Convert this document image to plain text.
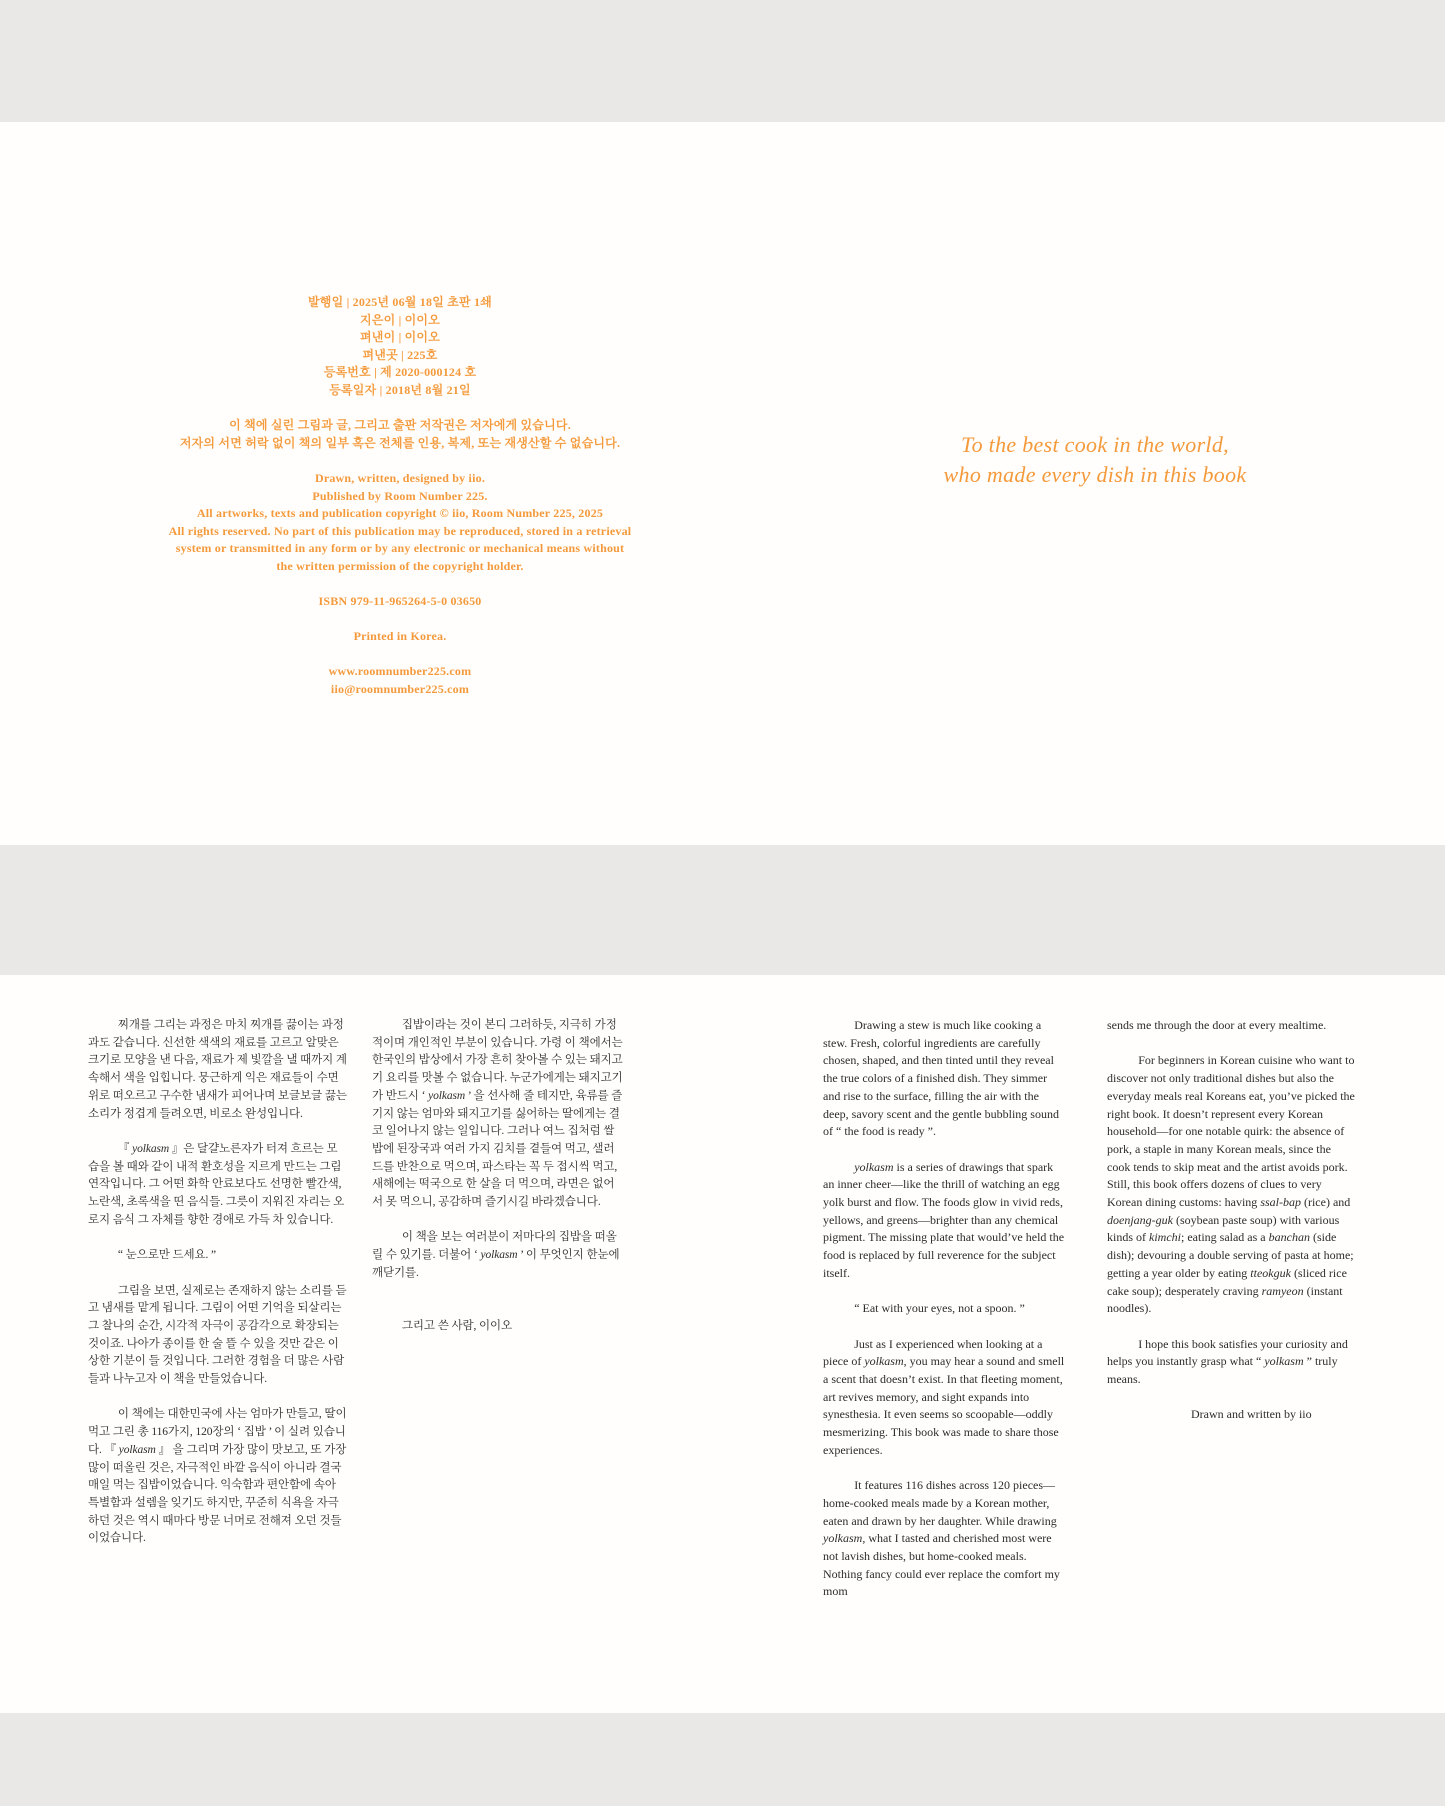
발행일 | 2025년 06월 18일 초판 1쇄
지은이 | 이이오
펴낸이 | 이이오
펴낸곳 | 225호
등록번호 | 제 2020-000124 호
등록일자 | 2018년 8월 21일
이 책에 실린 그림과 글, 그리고 출판 저작권은 저자에게 있습니다.
저자의 서면 허락 없이 책의 일부 혹은 전체를 인용, 복제, 또는 재생산할 수 없습니다.
Drawn, written, designed by iio.
Published by Room Number 225.
All artworks, texts and publication copyright © iio, Room Number 225, 2025
All rights reserved. No part of this publication may be reproduced, stored in a retrieval
system or transmitted in any form or by any electronic or mechanical means without
the written permission of the copyright holder.
ISBN 979-11-965264-5-0 03650
Printed in Korea.
www.roomnumber225.com
iio@roomnumber225.com
To the best cook in the world,
who made every dish in this book

찌개를 그리는 과정은 마치 찌개를 끓이는 과정과도 같습니다. 신선한 색색의 재료를 고르고 알맞은 크기로 모양을 낸 다음, 재료가 제 빛깔을 낼 때까지 계속해서 색을 입힙니다. 뭉근하게 익은 재료들이 수면 위로 떠오르고 구수한 냄새가 피어나며 보글보글 끓는 소리가 정겹게 들려오면, 비로소 완성입니다.

『 yolkasm 』은 달걀노른자가 터져 흐르는 모습을 볼 때와 같이 내적 환호성을 지르게 만드는 그림 연작입니다. 그 어떤 화학 안료보다도 선명한 빨간색, 노란색, 초록색을 띤 음식들. 그릇이 지워진 자리는 오로지 음식 그 자체를 향한 경애로 가득 차 있습니다.

“ 눈으로만 드세요. ”

그림을 보면, 실제로는 존재하지 않는 소리를 듣고 냄새를 맡게 됩니다. 그림이 어떤 기억을 되살리는 그 찰나의 순간, 시각적 자극이 공감각으로 확장되는 것이죠. 나아가 종이를 한 술 뜰 수 있을 것만 같은 이상한 기분이 들 것입니다. 그러한 경험을 더 많은 사람들과 나누고자 이 책을 만들었습니다.

이 책에는 대한민국에 사는 엄마가 만들고, 딸이 먹고 그린 총 116가지, 120장의 ‘ 집밥 ’ 이 실려 있습니다. 『 yolkasm 』 을 그리며 가장 많이 맛보고, 또 가장 많이 떠올린 것은, 자극적인 바깥 음식이 아니라 결국 매일 먹는 집밥이었습니다. 익숙함과 편안함에 속아 특별함과 설렘을 잊기도 하지만, 꾸준히 식욕을 자극하던 것은 역시 때마다 방문 너머로 전해져 오던 것들이었습니다.

집밥이라는 것이 본디 그러하듯, 지극히 가정적이며 개인적인 부분이 있습니다. 가령 이 책에서는 한국인의 밥상에서 가장 흔히 찾아볼 수 있는 돼지고기 요리를 맛볼 수 없습니다. 누군가에게는 돼지고기가 반드시 ‘ yolkasm ’ 을 선사해 줄 테지만, 육류를 즐기지 않는 엄마와 돼지고기를 싫어하는 딸에게는 결코 일어나지 않는 일입니다. 그러나 여느 집처럼 쌀밥에 된장국과 여러 가지 김치를 곁들여 먹고, 샐러드를 반찬으로 먹으며, 파스타는 꼭 두 접시씩 먹고, 새해에는 떡국으로 한 살을 더 먹으며, 라면은 없어서 못 먹으니, 공감하며 즐기시길 바라겠습니다.

이 책을 보는 여러분이 저마다의 집밥을 떠올릴 수 있기를. 더불어 ‘ yolkasm ’ 이 무엇인지 한눈에 깨닫기를.

그리고 쓴 사람, 이이오

Drawing a stew is much like cooking a stew. Fresh, colorful ingredients are carefully chosen, shaped, and then tinted until they reveal the true colors of a finished dish. They simmer and rise to the surface, filling the air with the deep, savory scent and the gentle bubbling sound of “ the food is ready ”.

yolkasm is a series of drawings that spark an inner cheer—like the thrill of watching an egg yolk burst and flow. The foods glow in vivid reds, yellows, and greens—brighter than any chemical pigment. The missing plate that would’ve held the food is replaced by full reverence for the subject itself.

“ Eat with your eyes, not a spoon. ”

Just as I experienced when looking at a piece of yolkasm, you may hear a sound and smell a scent that doesn’t exist. In that fleeting moment, art revives memory, and sight expands into synesthesia. It even seems so scoopable—oddly mesmerizing. This book was made to share those experiences.

It features 116 dishes across 120 pieces—home-cooked meals made by a Korean mother, eaten and drawn by her daughter. While drawing yolkasm, what I tasted and cherished most were not lavish dishes, but home-cooked meals. Nothing fancy could ever replace the comfort my mom

sends me through the door at every mealtime.

For beginners in Korean cuisine who want to discover not only traditional dishes but also the everyday meals real Koreans eat, you’ve picked the right book. It doesn’t represent every Korean household—for one notable quirk: the absence of pork, a staple in many Korean meals, since the cook tends to skip meat and the artist avoids pork. Still, this book offers dozens of clues to very Korean dining customs: having ssal-bap (rice) and doenjang-guk (soybean paste soup) with various kinds of kimchi; eating salad as a banchan (side dish); devouring a double serving of pasta at home; getting a year older by eating tteokguk (sliced rice cake soup); desperately craving ramyeon (instant noodles).

I hope this book satisfies your curiosity and helps you instantly grasp what “ yolkasm ” truly means.

Drawn and written by iio
